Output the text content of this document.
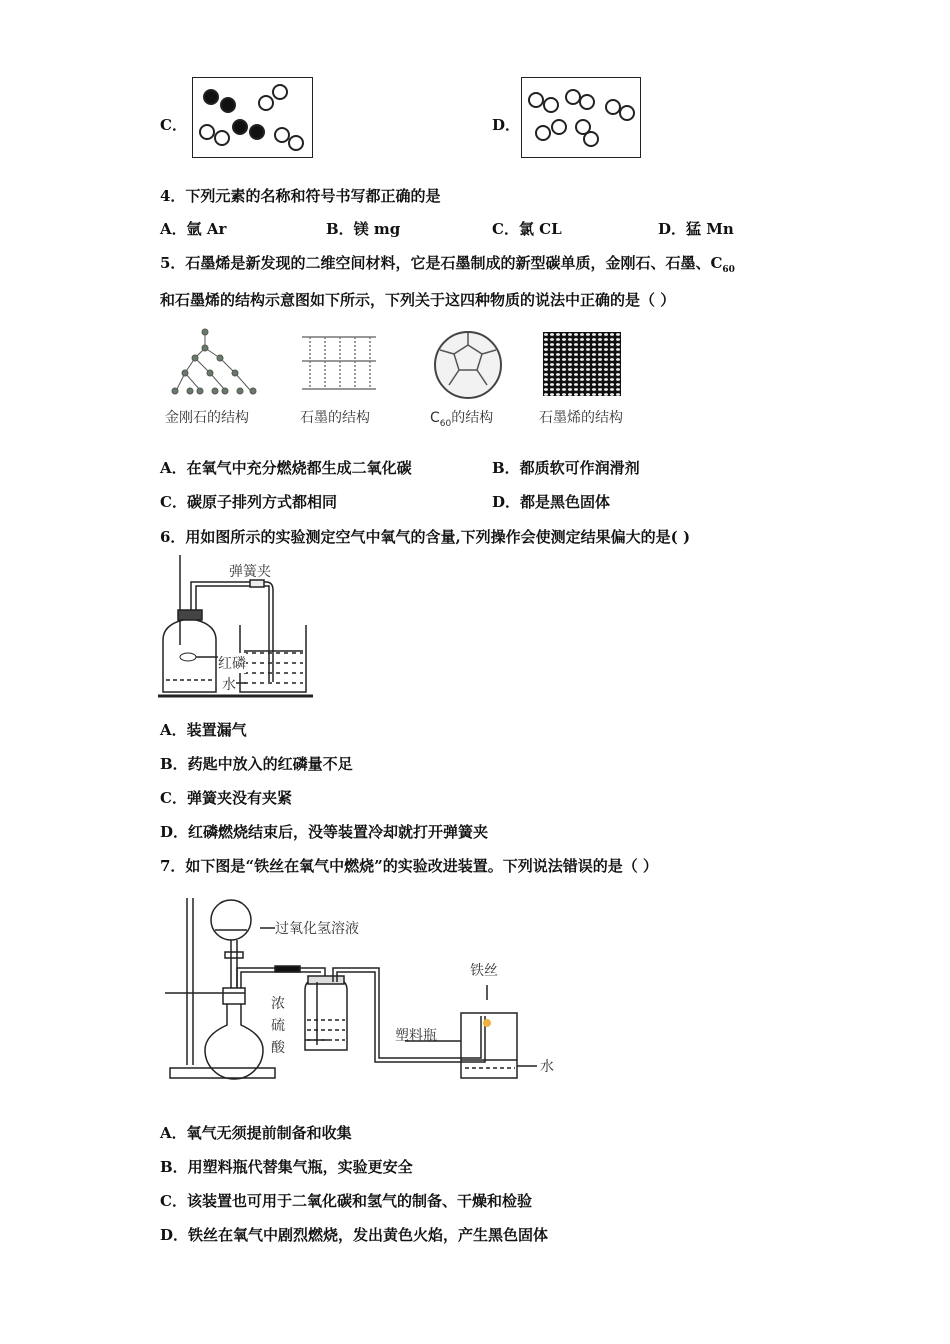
C．	D．
4．下列元素的名称和符号书写都正确的是
A．氩 Ar	B．镁 mg	C．氯 CL	D．猛 Mn
5．石墨烯是新发现的二维空间材料，它是石墨制成的新型碳单质，金刚石、石墨、$C_{60}$
和石墨烯的结构示意图如下所示，下列关于这四种物质的说法中正确的是（ ）
金刚石的结构	石墨的结构	$C_{60}$的结构	石墨烯的结构
A．在氧气中充分燃烧都生成二氧化碳	B．都质软可作润滑剂
C．碳原子排列方式都相同	D．都是黑色固体
6．用如图所示的实验测定空气中氧气的含量,下列操作会使测定结果偏大的是( )
弹簧夹
红磷
水
A．装置漏气
B．药匙中放入的红磷量不足
C．弹簧夹没有夹紧
D．红磷燃烧结束后，没等装置冷却就打开弹簧夹
7．如下图是“铁丝在氧气中燃烧”的实验改进装置。下列说法错误的是（ ）
过氧化氢溶液
浓
硫
酸
塑料瓶
铁丝
水
A．氧气无须提前制备和收集
B．用塑料瓶代替集气瓶，实验更安全
C．该装置也可用于二氧化碳和氢气的制备、干燥和检验
D．铁丝在氧气中剧烈燃烧，发出黄色火焰，产生黑色固体
